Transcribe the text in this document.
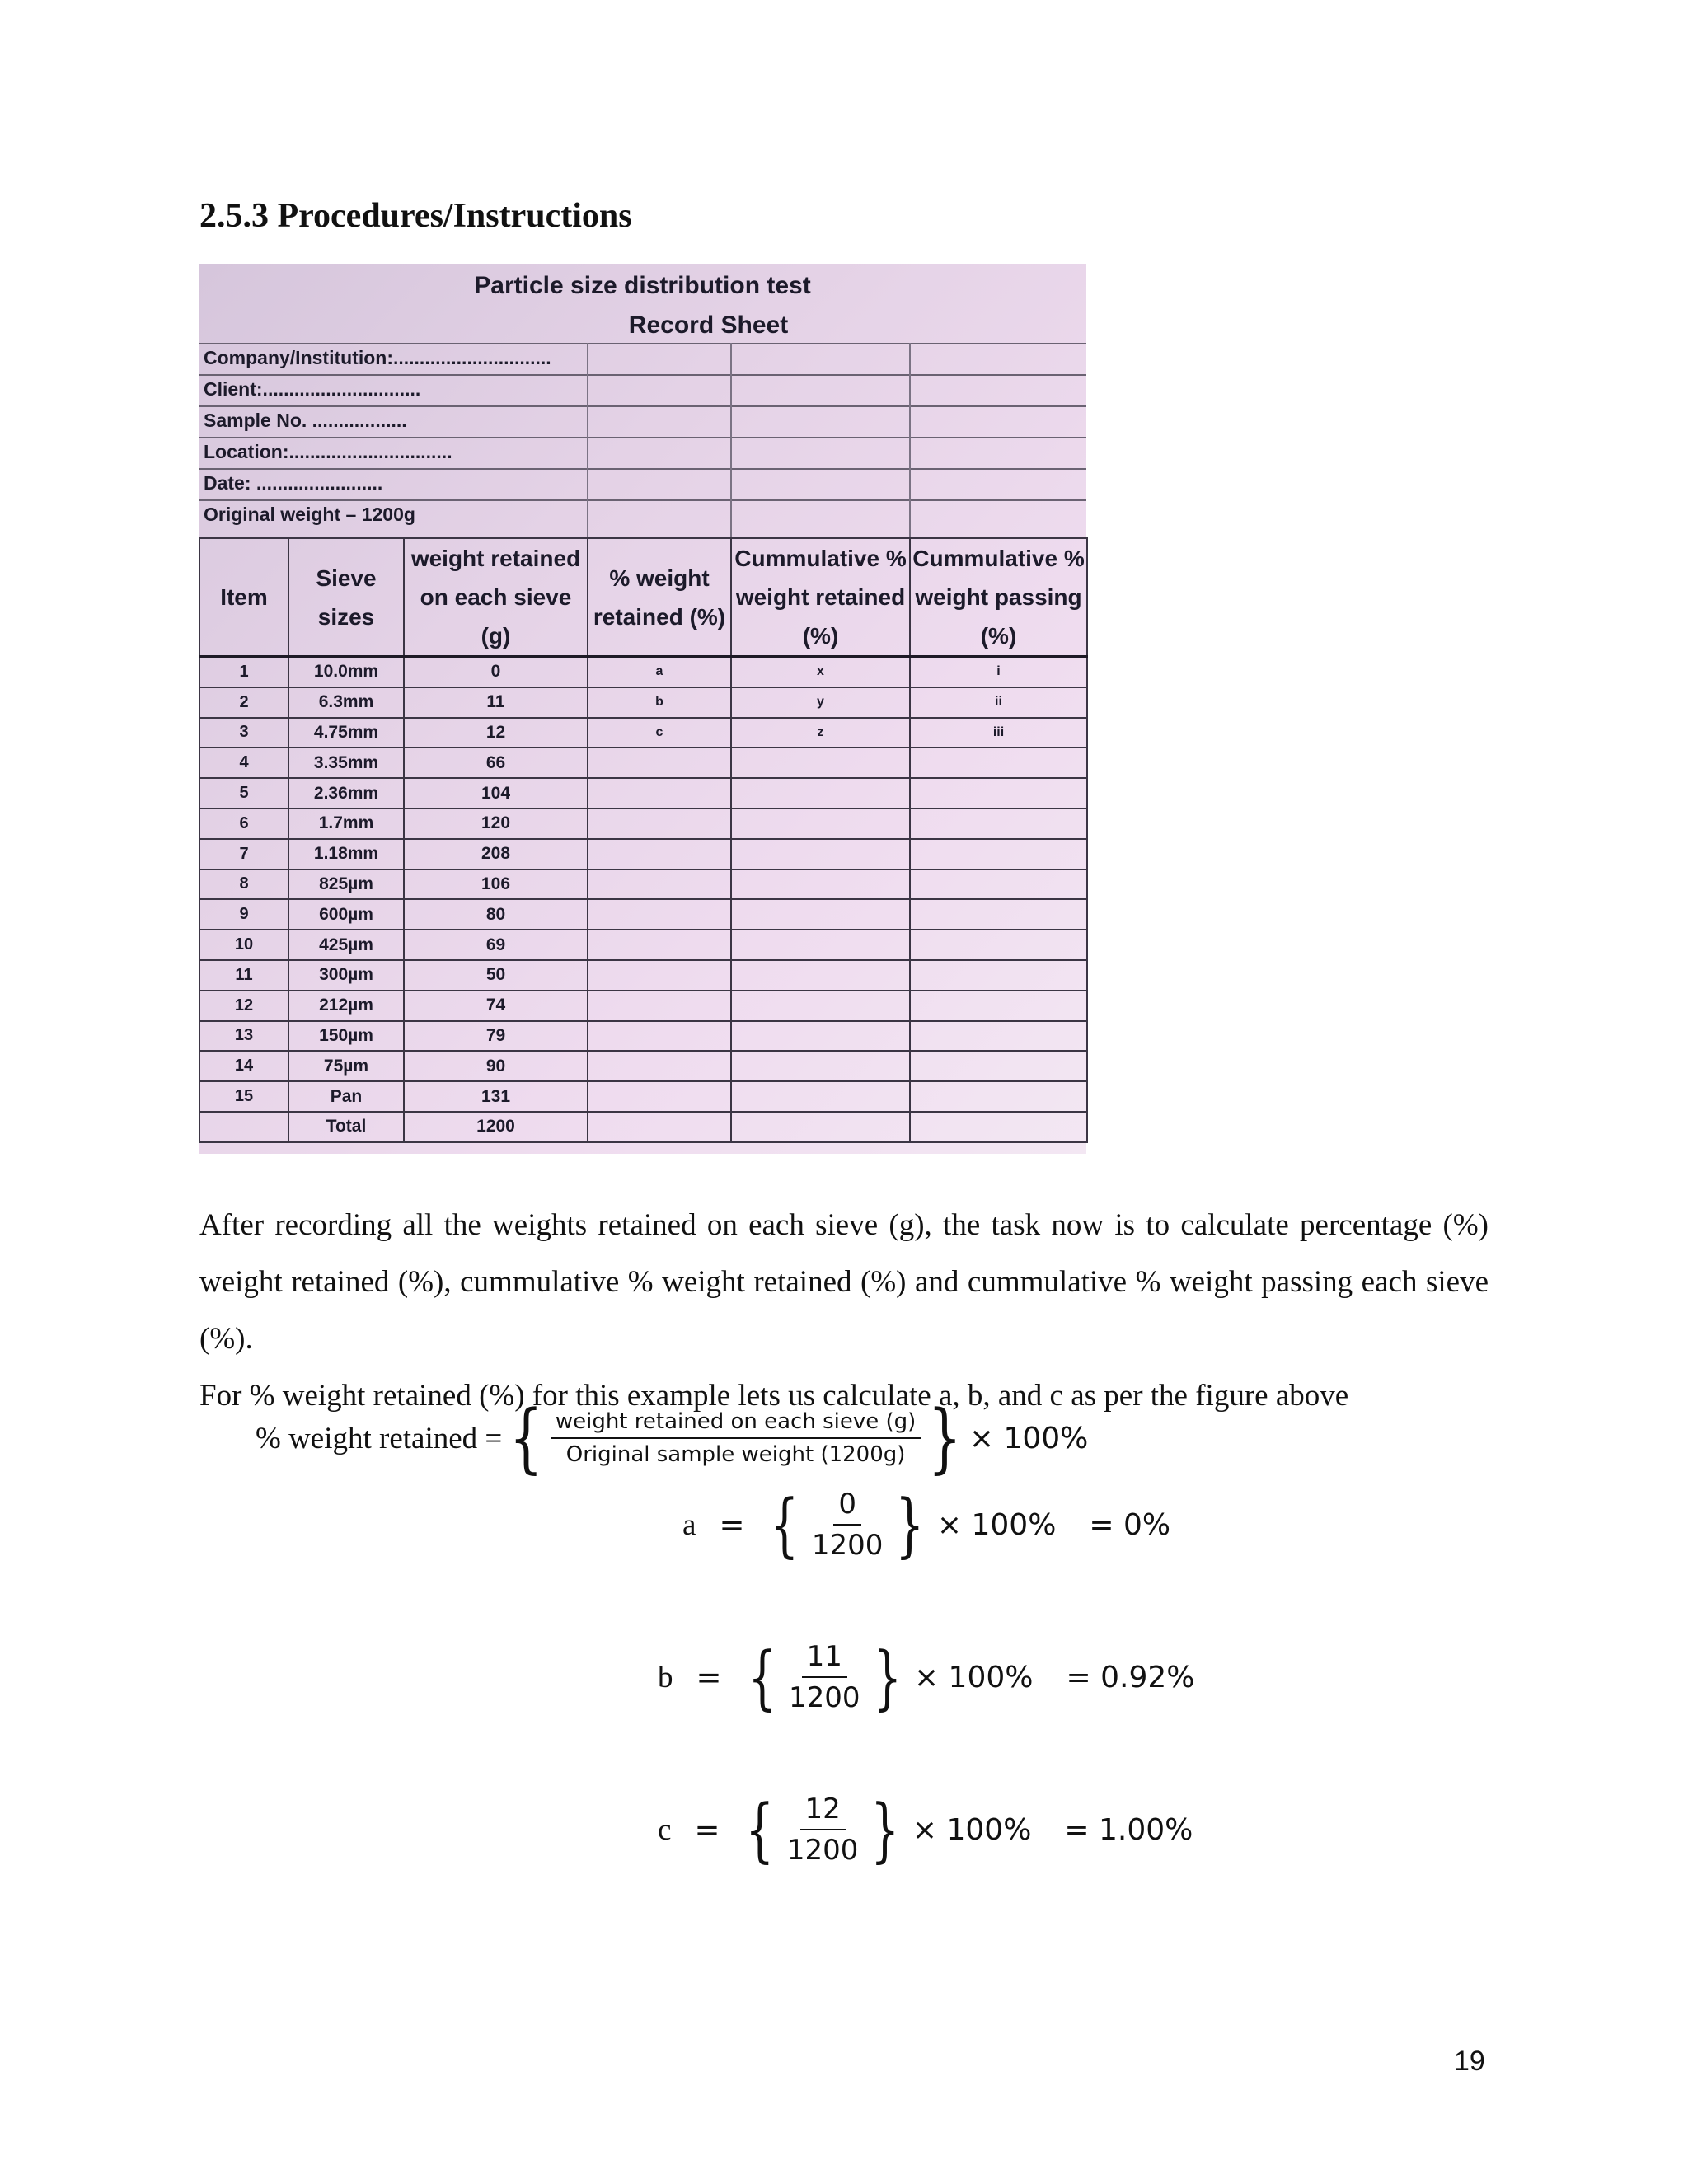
2.5.3 Procedures/Instructions
Particle size distribution test
Record Sheet
Company/Institution:..............................
Client:..............................
Sample No. ..................
Location:...............................
Date: ........................
Original weight – 1200g
Item	Sieve sizes	weight retained on each sieve (g)	% weight retained (%)	Cummulative % weight retained (%)	Cummulative % weight passing (%)
1	10.0mm	0	a	x	i
2	6.3mm	11	b	y	ii
3	4.75mm	12	c	z	iii
4	3.35mm	66			
5	2.36mm	104			
6	1.7mm	120			
7	1.18mm	208			
8	825µm	106			
9	600µm	80			
10	425µm	69			
11	300µm	50			
12	212µm	74			
13	150µm	79			
14	75µm	90			
15	Pan	131			
	Total	1200			

After recording all the weights retained on each sieve (g), the task now is to calculate percentage (%) weight retained (%), cummulative % weight retained (%) and cummulative % weight passing each sieve (%).

For % weight retained (%) for this example lets us calculate a, b, and c as per the figure above

% weight retained = { $\frac{\text{weight retained on each sieve (g)}}{\text{Original sample weight (1200g)}}$ } × 100%
a = { $\frac{0}{1200}$ } × 100% = 0%
b = { $\frac{11}{1200}$ } × 100% = 0.92%
c = { $\frac{12}{1200}$ } × 100% = 1.00%
19
